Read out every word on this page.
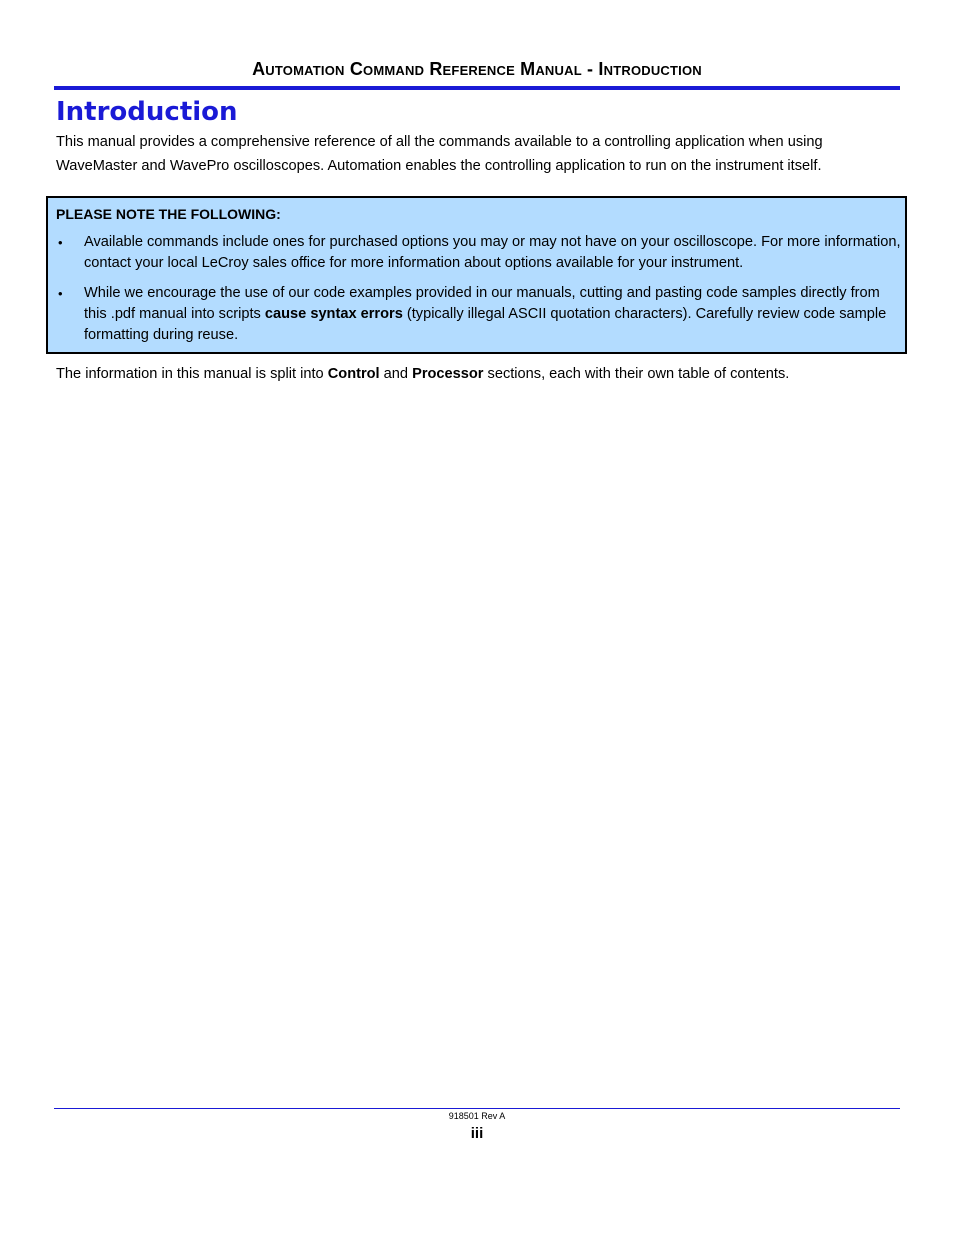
Automation Command Reference Manual - Introduction
Introduction

This manual provides a comprehensive reference of all the commands available to a controlling application when using WaveMaster and WavePro oscilloscopes. Automation enables the controlling application to run on the instrument itself.

PLEASE NOTE THE FOLLOWING:
• Available commands include ones for purchased options you may or may not have on your oscilloscope. For more information, contact your local LeCroy sales office for more information about options available for your instrument.
• While we encourage the use of our code examples provided in our manuals, cutting and pasting code samples directly from this .pdf manual into scripts cause syntax errors (typically illegal ASCII quotation characters). Carefully review code sample formatting during reuse.

The information in this manual is split into Control and Processor sections, each with their own table of contents.

918501 Rev A
iii
